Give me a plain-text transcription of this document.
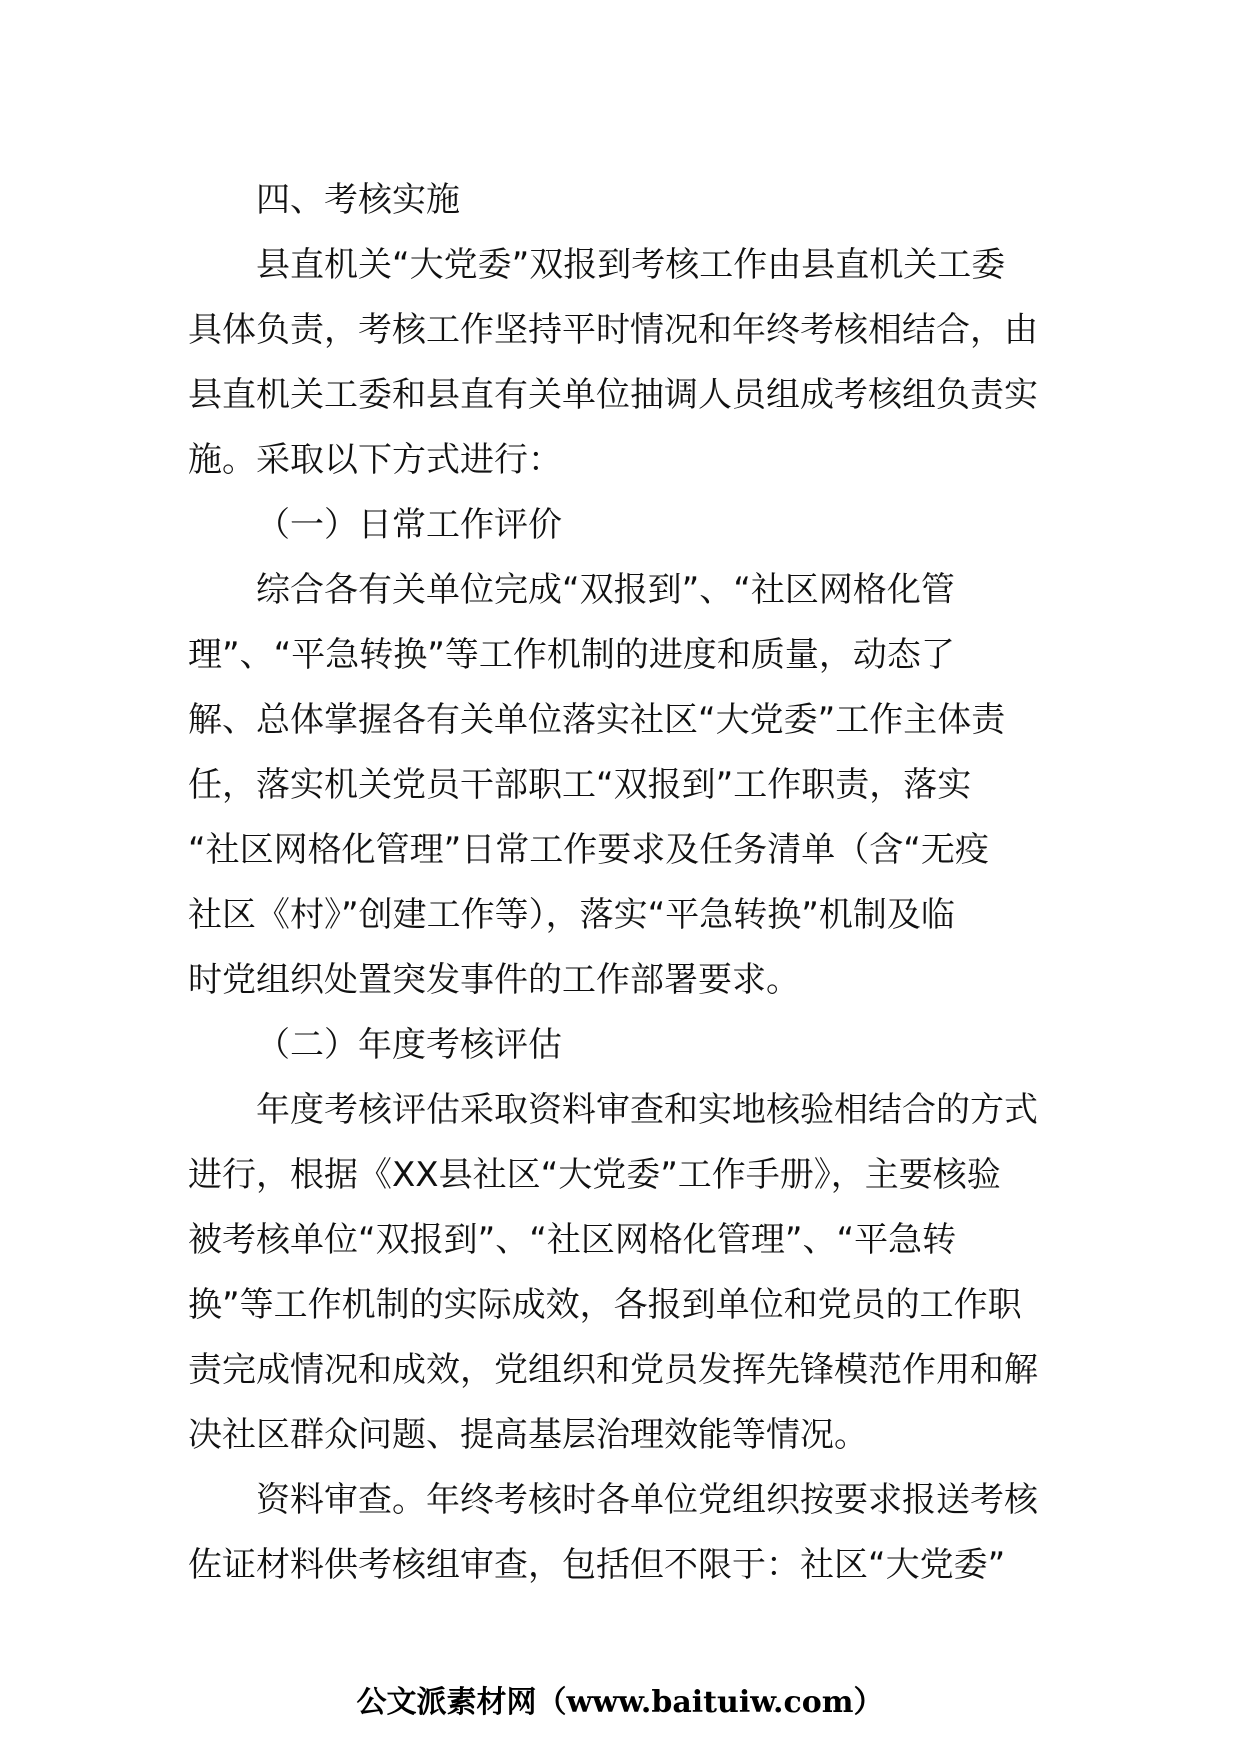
四、考核实施
县直机关“大党委”双报到考核工作由县直机关工委
具体负责，考核工作坚持平时情况和年终考核相结合，由
县直机关工委和县直有关单位抽调人员组成考核组负责实
施。采取以下方式进行：
（一）日常工作评价
综合各有关单位完成“双报到”、“社区网格化管
理”、“平急转换”等工作机制的进度和质量，动态了
解、总体掌握各有关单位落实社区“大党委”工作主体责
任，落实机关党员干部职工“双报到”工作职责，落实
“社区网格化管理”日常工作要求及任务清单（含“无疫
社区《村》”创建工作等），落实“平急转换”机制及临
时党组织处置突发事件的工作部署要求。
（二）年度考核评估
年度考核评估采取资料审查和实地核验相结合的方式
进行，根据《XX县社区“大党委”工作手册》，主要核验
被考核单位“双报到”、“社区网格化管理”、“平急转
换”等工作机制的实际成效，各报到单位和党员的工作职
责完成情况和成效，党组织和党员发挥先锋模范作用和解
决社区群众问题、提高基层治理效能等情况。
资料审查。年终考核时各单位党组织按要求报送考核
佐证材料供考核组审查，包括但不限于：社区“大党委”
公文派素材网（www.baituiw.com）
